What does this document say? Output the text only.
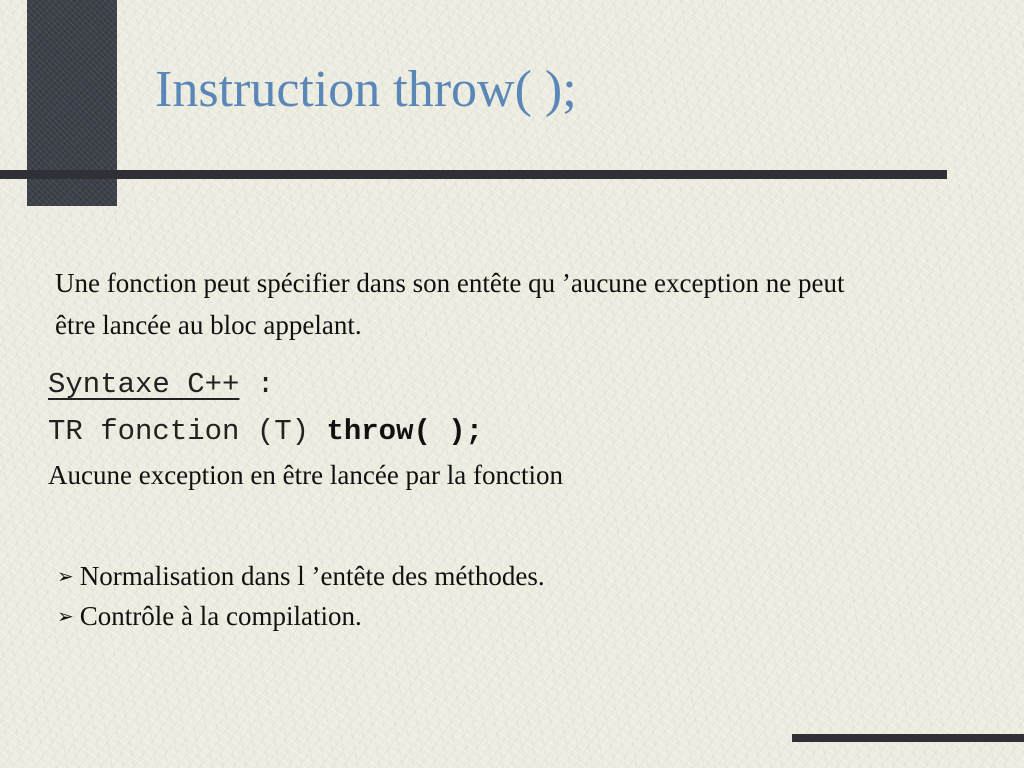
Instruction throw( );

Une fonction peut spécifier dans son entête qu ’aucune exception ne peut être lancée au bloc appelant.

Syntaxe C++ :
TR fonction (T) throw( );

Aucune exception en être lancée par la fonction

➢ Normalisation dans l ’entête des méthodes.
➢ Contrôle à la compilation.
